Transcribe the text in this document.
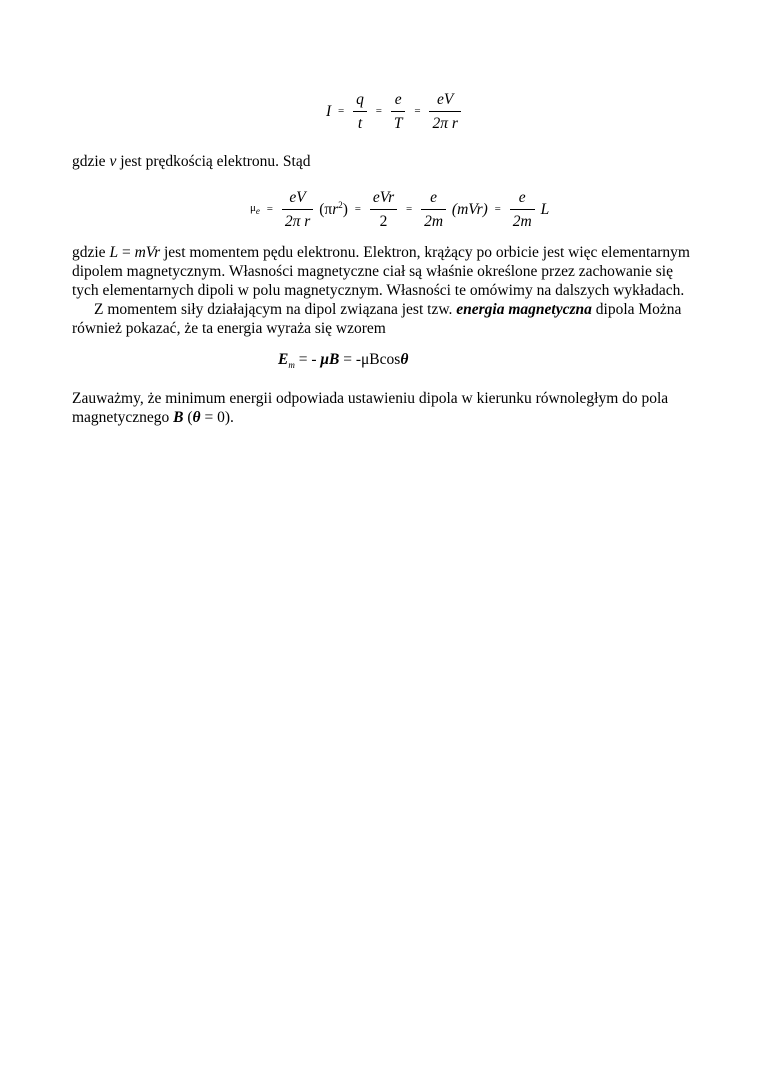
$I = \frac{q}{t} = \frac{e}{T} = \frac{eV}{\text{2π r}}$
gdzie v jest prędkością elektronu. Stąd
$\mu_e = \frac{eV}{\text{2π r}} (\pi r^2) = \frac{\text{eVr}}{2} = \frac{e}{2m} (mVr) = \frac{e}{2m}$ L
gdzie L = mVr jest momentem pędu elektronu. Elektron, krążący po orbicie jest więc elementarnym
dipolem magnetycznym. Własności magnetyczne ciał są właśnie określone przez zachowanie się
tych elementarnych dipoli w polu magnetycznym. Własności te omówimy na dalszych wykładach.
Z momentem siły działającym na dipol związana jest tzw. energia magnetyczna dipola Można
również pokazać, że ta energia wyraża się wzorem
$E_m$ = - μB = -μBcosθ
Zauważmy, że minimum energii odpowiada ustawieniu dipola w kierunku równoległym do pola
magnetycznego B (θ = 0).
